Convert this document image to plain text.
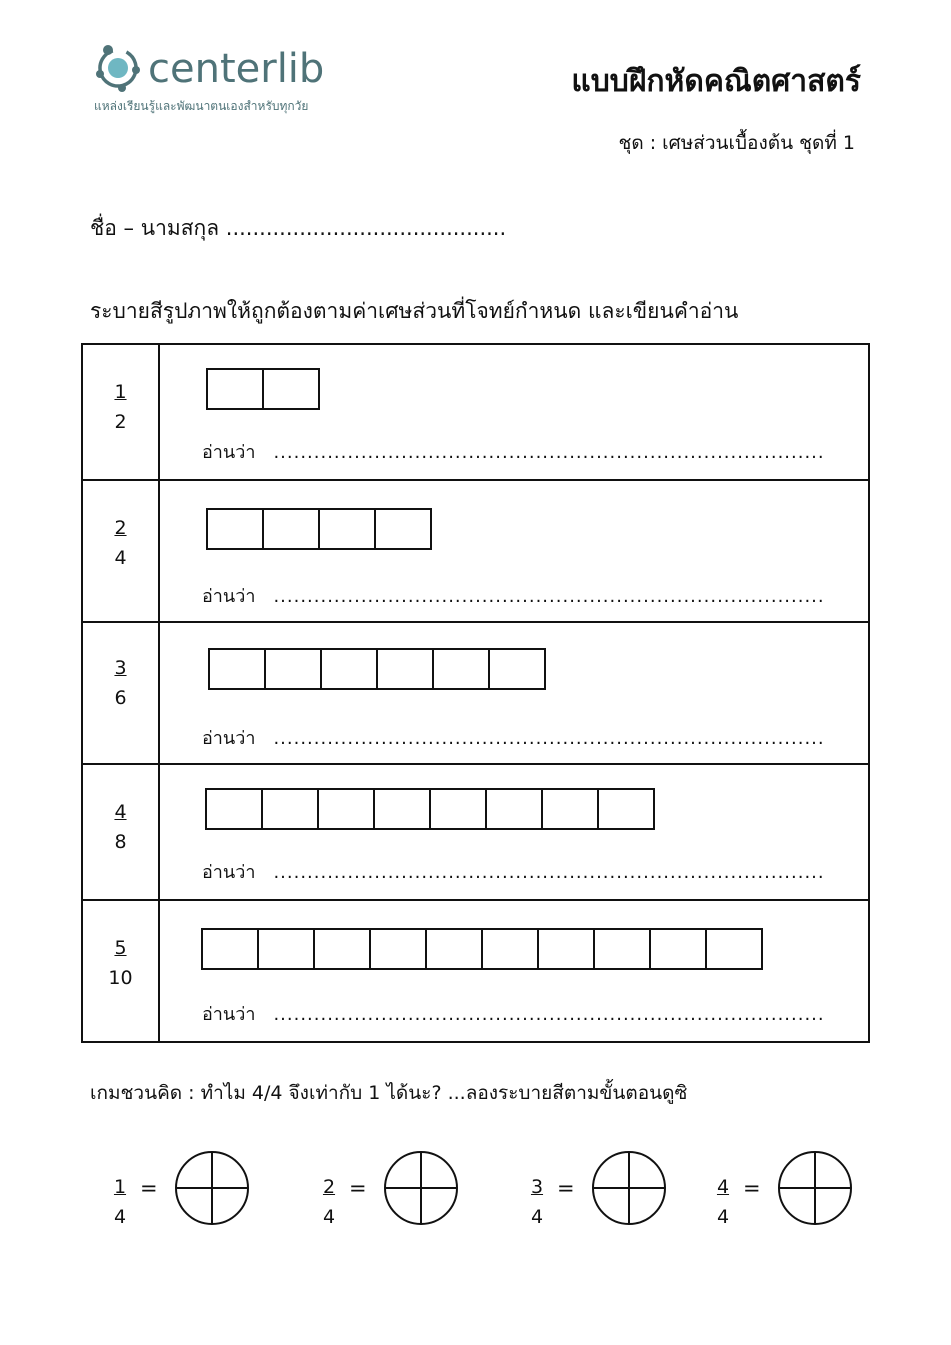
centerlib
แหล่งเรียนรู้และพัฒนาตนเองสำหรับทุกวัย
แบบฝึกหัดคณิตศาสตร์
ชุด : เศษส่วนเบื้องต้น ชุดที่ 1
ชื่อ – นามสกุล ..........................................
ระบายสีรูปภาพให้ถูกต้องตามค่าเศษส่วนที่โจทย์กำหนด และเขียนคำอ่าน
$\frac{1}{2}$	อ่านว่า ..................................................................................

$\frac{2}{4}$	อ่านว่า ..................................................................................

$\frac{3}{6}$	อ่านว่า ..................................................................................

$\frac{4}{8}$	อ่านว่า ..................................................................................

$\frac{5}{10}$	อ่านว่า ..................................................................................
เกมชวนคิด : ทำไม 4/4 จึงเท่ากับ 1 ได้นะ? ...ลองระบายสีตามขั้นตอนดูซิ
$\frac{1}{4}$ =	$\frac{2}{4}$ =	$\frac{3}{4}$ =	$\frac{4}{4}$ =
